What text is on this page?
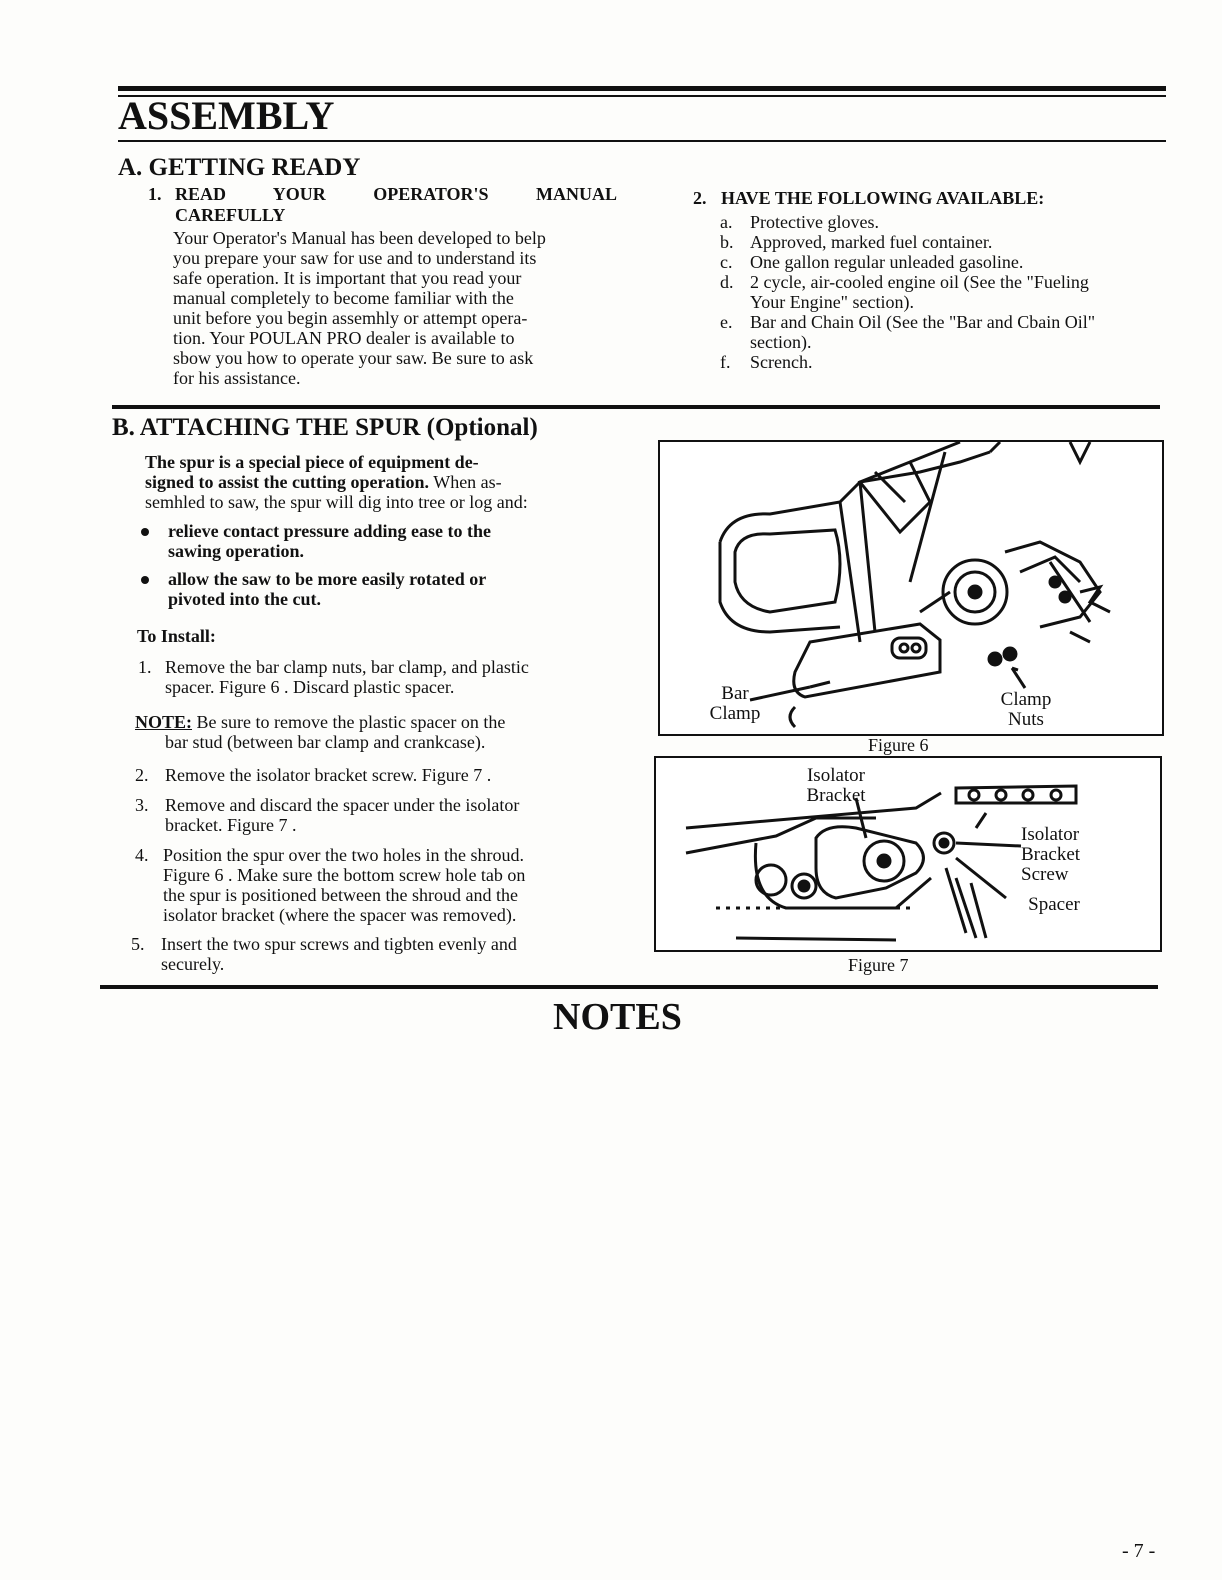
ASSEMBLY
A. GETTING READY
1. READ YOUR OPERATOR'S MANUAL
CAREFULLY
Your Operator's Manual has been developed to belp
you prepare your saw for use and to understand its
safe operation. It is important that you read your
manual completely to become familiar with the
unit before you begin assemhly or attempt opera-
tion. Your POULAN PRO dealer is available to
sbow you how to operate your saw. Be sure to ask
for his assistance.
2. HAVE THE FOLLOWING AVAILABLE:
a. Protective gloves.
b. Approved, marked fuel container.
c. One gallon regular unleaded gasoline.
d. 2 cycle, air-cooled engine oil (See the "Fueling
Your Engine" section).
e. Bar and Chain Oil (See the "Bar and Cbain Oil"
section).
f. Scrench.
B. ATTACHING THE SPUR (Optional)
The spur is a special piece of equipment de-
signed to assist the cutting operation. When as-
semhled to saw, the spur will dig into tree or log and:
relieve contact pressure adding ease to the
sawing operation.
allow the saw to be more easily rotated or
pivoted into the cut.
To Install:
1. Remove the bar clamp nuts, bar clamp, and plastic
spacer. Figure 6 . Discard plastic spacer.
NOTE: Be sure to remove the plastic spacer on the
bar stud (between bar clamp and crankcase).
2. Remove the isolator bracket screw. Figure 7 .
3. Remove and discard the spacer under the isolator
bracket. Figure 7 .
4. Position the spur over the two holes in the shroud.
Figure 6 . Make sure the bottom screw hole tab on
the spur is positioned between the shroud and the
isolator bracket (where the spacer was removed).
5. Insert the two spur screws and tigbten evenly and
securely.
Bar
Clamp
Clamp
Nuts
Figure 6
Isolator
Bracket
Isolator
Bracket
Screw
Spacer
Figure 7
NOTES
- 7 -
